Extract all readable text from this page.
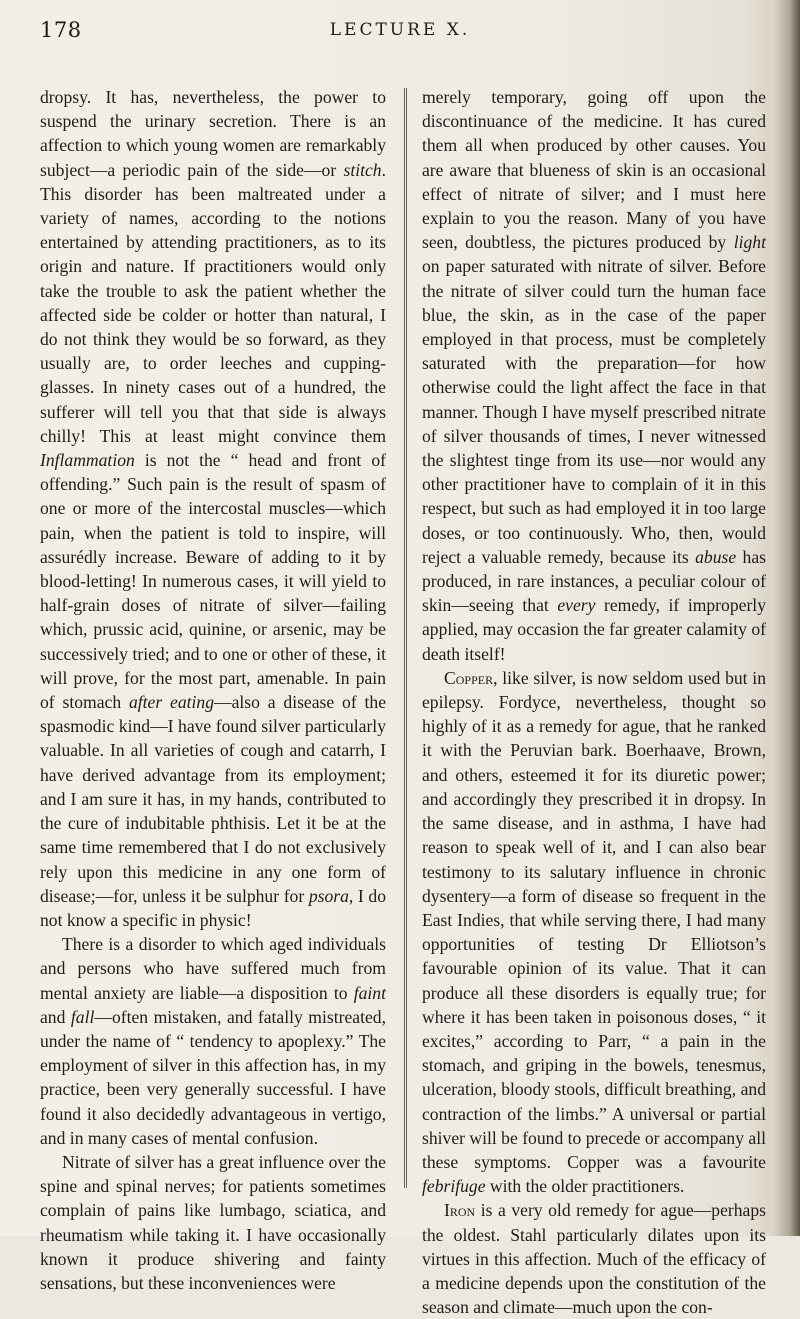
178	LECTURE X.

dropsy. It has, nevertheless, the power to suspend the urinary secretion. There is an affection to which young women are remarkably subject—a periodic pain of the side—or stitch. This disorder has been maltreated under a variety of names, according to the notions entertained by attending practitioners, as to its origin and nature. If practitioners would only take the trouble to ask the patient whether the affected side be colder or hotter than natural, I do not think they would be so forward, as they usually are, to order leeches and cupping-glasses. In ninety cases out of a hundred, the sufferer will tell you that that side is always chilly! This at least might convince them Inflammation is not the “ head and front of offending.” Such pain is the result of spasm of one or more of the intercostal muscles—which pain, when the patient is told to inspire, will assurédly increase. Beware of adding to it by blood-letting! In numerous cases, it will yield to half-grain doses of nitrate of silver—failing which, prussic acid, quinine, or arsenic, may be successively tried; and to one or other of these, it will prove, for the most part, amenable. In pain of stomach after eating—also a disease of the spasmodic kind—I have found silver particularly valuable. In all varieties of cough and catarrh, I have derived advantage from its employment; and I am sure it has, in my hands, contributed to the cure of indubitable phthisis. Let it be at the same time remembered that I do not exclusively rely upon this medicine in any one form of disease;—for, unless it be sulphur for psora, I do not know a specific in physic!

There is a disorder to which aged individuals and persons who have suffered much from mental anxiety are liable—a disposition to faint and fall—often mistaken, and fatally mistreated, under the name of “ tendency to apoplexy.” The employment of silver in this affection has, in my practice, been very generally successful. I have found it also decidedly advantageous in vertigo, and in many cases of mental confusion.

Nitrate of silver has a great influence over the spine and spinal nerves; for patients sometimes complain of pains like lumbago, sciatica, and rheumatism while taking it. I have occasionally known it produce shivering and fainty sensations, but these inconveniences were

merely temporary, going off upon the discontinuance of the medicine. It has cured them all when produced by other causes. You are aware that blueness of skin is an occasional effect of nitrate of silver; and I must here explain to you the reason. Many of you have seen, doubtless, the pictures produced by light on paper saturated with nitrate of silver. Before the nitrate of silver could turn the human face blue, the skin, as in the case of the paper employed in that process, must be completely saturated with the preparation—for how otherwise could the light affect the face in that manner. Though I have myself prescribed nitrate of silver thousands of times, I never witnessed the slightest tinge from its use—nor would any other practitioner have to complain of it in this respect, but such as had employed it in too large doses, or too continuously. Who, then, would reject a valuable remedy, because its abuse has produced, in rare instances, a peculiar colour of skin—seeing that every remedy, if improperly applied, may occasion the far greater calamity of death itself!

Copper, like silver, is now seldom used but in epilepsy. Fordyce, nevertheless, thought so highly of it as a remedy for ague, that he ranked it with the Peruvian bark. Boerhaave, Brown, and others, esteemed it for its diuretic power; and accordingly they prescribed it in dropsy. In the same disease, and in asthma, I have had reason to speak well of it, and I can also bear testimony to its salutary influence in chronic dysentery—a form of disease so frequent in the East Indies, that while serving there, I had many opportunities of testing Dr Elliotson’s favourable opinion of its value. That it can produce all these disorders is equally true; for where it has been taken in poisonous doses, “ it excites,” according to Parr, “ a pain in the stomach, and griping in the bowels, tenesmus, ulceration, bloody stools, difficult breathing, and contraction of the limbs.” A universal or partial shiver will be found to precede or accompany all these symptoms. Copper was a favourite febrifuge with the older practitioners.

Iron is a very old remedy for ague—perhaps the oldest. Stahl particularly dilates upon its virtues in this affection. Much of the efficacy of a medicine depends upon the constitution of the season and climate—much upon the con-
